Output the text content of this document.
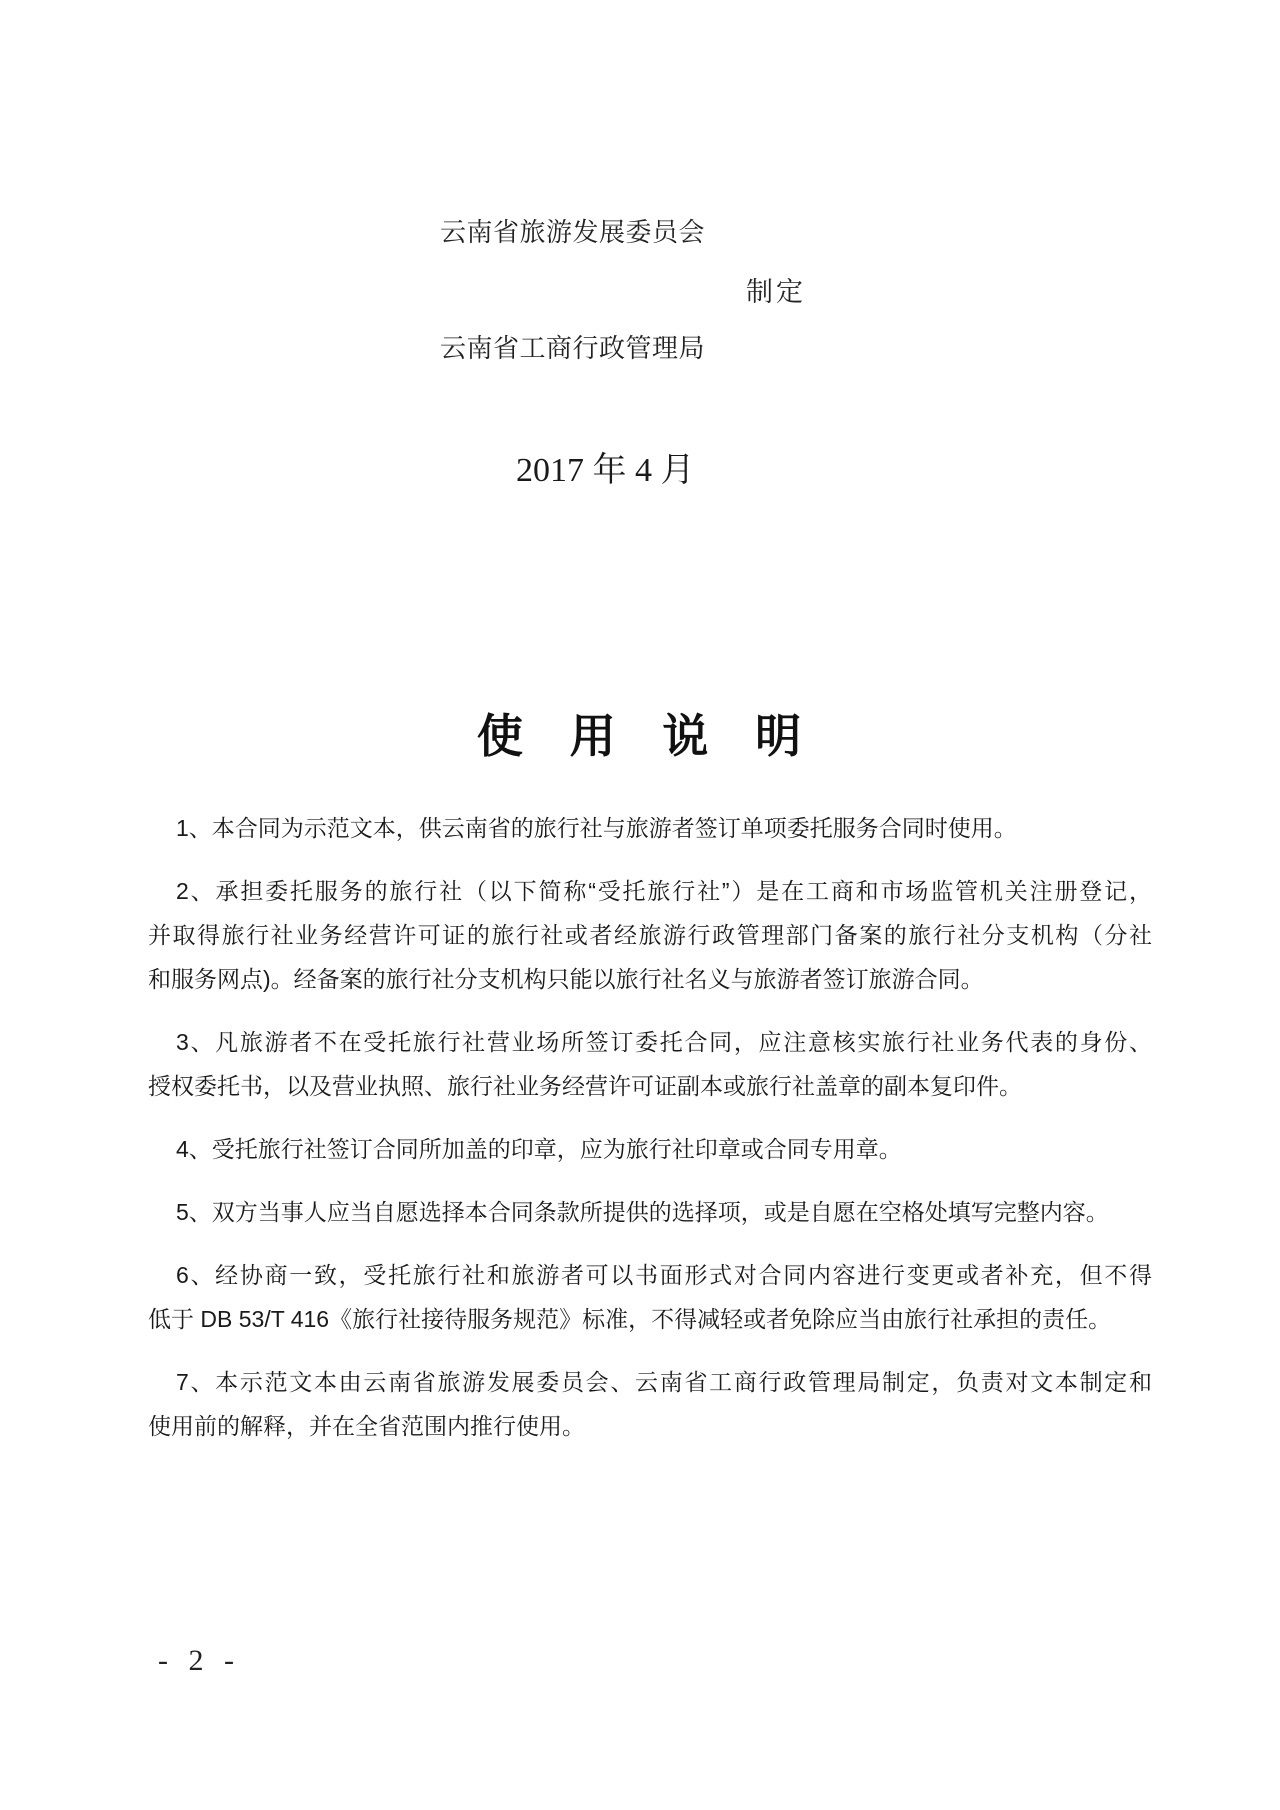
云南省旅游发展委员会
制定
云南省工商行政管理局
2017 年 4 月
使 用 说 明
1、本合同为示范文本，供云南省的旅行社与旅游者签订单项委托服务合同时使用。
2、承担委托服务的旅行社（以下简称“受托旅行社”）是在工商和市场监管机关注册登记，
并取得旅行社业务经营许可证的旅行社或者经旅游行政管理部门备案的旅行社分支机构（分社
和服务网点)。经备案的旅行社分支机构只能以旅行社名义与旅游者签订旅游合同。
3、凡旅游者不在受托旅行社营业场所签订委托合同，应注意核实旅行社业务代表的身份、
授权委托书，以及营业执照、旅行社业务经营许可证副本或旅行社盖章的副本复印件。
4、受托旅行社签订合同所加盖的印章，应为旅行社印章或合同专用章。
5、双方当事人应当自愿选择本合同条款所提供的选择项，或是自愿在空格处填写完整内容。
6、经协商一致，受托旅行社和旅游者可以书面形式对合同内容进行变更或者补充，但不得
低于 DB 53/T 416《旅行社接待服务规范》标准，不得减轻或者免除应当由旅行社承担的责任。
7、本示范文本由云南省旅游发展委员会、云南省工商行政管理局制定，负责对文本制定和
使用前的解释，并在全省范围内推行使用。
- 2 -
